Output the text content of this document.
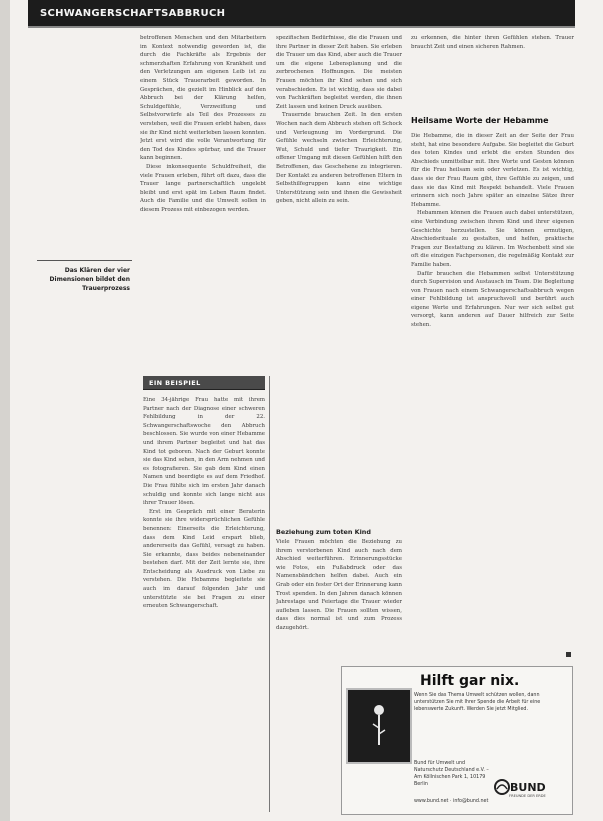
SCHWANGERSCHAFTSABBRUCH
Das Klären der vier Dimensionen bildet den Trauerprozess

betroffenen Menschen und den Mitarbeitern im Kontext notwendig geworden ist, die durch die Fachkräfte als Ergebnis der schmerzhaften Erfahrung von Krankheit und den Verletzungen am eigenen Leib ist zu einem Stück Trauerarbeit geworden. In Gesprächen, die gezielt im Hinblick auf den Abbruch bei der Klärung helfen, Schuldgefühle, Verzweiflung und Selbstvorwürfe als Teil des Prozesses zu verstehen, weil die Frauen erlebt haben, dass sie ihr Kind nicht weiterleben lassen konnten. Jetzt erst wird die volle Verantwortung für den Tod des Kindes spürbar, und die Trauer kann beginnen.

Diese inkonsequente Schuldfreiheit, die viele Frauen erleben, führt oft dazu, dass die Trauer lange partnerschaftlich ungelebt bleibt und erst spät im Leben Raum findet. Auch die Familie und die Umwelt sollen in diesem Prozess mit einbezogen werden.

EIN BEISPIEL

Eine 34-jährige Frau hatte mit ihrem Partner nach der Diagnose einer schweren Fehlbildung in der 22. Schwangerschaftswoche den Abbruch beschlossen. Sie wurde von einer Hebamme und ihrem Partner begleitet und hat das Kind tot geboren. Nach der Geburt konnte sie das Kind sehen, in den Arm nehmen und es fotografieren. Sie gab dem Kind einen Namen und beerdigte es auf dem Friedhof. Die Frau fühlte sich im ersten Jahr danach schuldig und konnte sich lange nicht aus ihrer Trauer lösen.

Erst im Gespräch mit einer Beraterin konnte sie ihre widersprüchlichen Gefühle benennen: Einerseits die Erleichterung, dass dem Kind Leid erspart blieb, andererseits das Gefühl, versagt zu haben. Sie erkannte, dass beides nebeneinander bestehen darf. Mit der Zeit lernte sie, ihre Entscheidung als Ausdruck von Liebe zu verstehen. Die Hebamme begleitete sie auch im darauf folgenden Jahr und unterstützte sie bei Fragen zu einer erneuten Schwangerschaft.

spezifischen Bedürfnisse, die die Frauen und ihre Partner in dieser Zeit haben. Sie erleben die Trauer um das Kind, aber auch die Trauer um die eigene Lebensplanung und die zerbrochenen Hoffnungen. Die meisten Frauen möchten ihr Kind sehen und sich verabschieden. Es ist wichtig, dass sie dabei von Fachkräften begleitet werden, die ihnen Zeit lassen und keinen Druck ausüben.

Trauernde brauchen Zeit. In den ersten Wochen nach dem Abbruch stehen oft Schock und Verleugnung im Vordergrund. Die Gefühle wechseln zwischen Erleichterung, Wut, Schuld und tiefer Traurigkeit. Ein offener Umgang mit diesen Gefühlen hilft den Betroffenen, das Geschehene zu integrieren. Der Kontakt zu anderen betroffenen Eltern in Selbsthilfegruppen kann eine wichtige Unterstützung sein und ihnen die Gewissheit geben, nicht allein zu sein.

Beziehung zum toten Kind

Viele Frauen möchten die Beziehung zu ihrem verstorbenen Kind auch nach dem Abschied weiterführen. Erinnerungsstücke wie Fotos, ein Fußabdruck oder das Namensbändchen helfen dabei. Auch ein Grab oder ein fester Ort der Erinnerung kann Trost spenden. In den Jahren danach können Jahrestage und Feiertage die Trauer wieder aufleben lassen. Die Frauen sollten wissen, dass dies normal ist und zum Prozess dazugehört.

zu erkennen, die hinter ihren Gefühlen stehen. Trauer braucht Zeit und einen sicheren Rahmen.

Heilsame Worte der Hebamme

Die Hebamme, die in dieser Zeit an der Seite der Frau steht, hat eine besondere Aufgabe. Sie begleitet die Geburt des toten Kindes und erlebt die ersten Stunden des Abschieds unmittelbar mit. Ihre Worte und Gesten können für die Frau heilsam sein oder verletzen. Es ist wichtig, dass sie der Frau Raum gibt, ihre Gefühle zu zeigen, und dass sie das Kind mit Respekt behandelt. Viele Frauen erinnern sich noch Jahre später an einzelne Sätze ihrer Hebamme.

Hebammen können die Frauen auch dabei unterstützen, eine Verbindung zwischen ihrem Kind und ihrer eigenen Geschichte herzustellen. Sie können ermutigen, Abschiedsrituale zu gestalten, und helfen, praktische Fragen zur Bestattung zu klären. Im Wochenbett sind sie oft die einzigen Fachpersonen, die regelmäßig Kontakt zur Familie haben.

Dafür brauchen die Hebammen selbst Unterstützung durch Supervision und Austausch im Team. Die Begleitung von Frauen nach einem Schwangerschaftsabbruch wegen einer Fehlbildung ist anspruchsvoll und berührt auch eigene Werte und Erfahrungen. Nur wer sich selbst gut versorgt, kann anderen auf Dauer hilfreich zur Seite stehen.

Hilft gar nix.
Wenn Sie das Thema Umwelt schützen wollen, dann unterstützen Sie mit Ihrer Spende die Arbeit für eine lebenswerte Zukunft. Werden Sie jetzt Mitglied.
Bund für Umwelt und Naturschutz Deutschland e.V. – Am Köllnischen Park 1, 10179 Berlin
www.bund.net · info@bund.net
BUND
FREUNDE DER ERDE
